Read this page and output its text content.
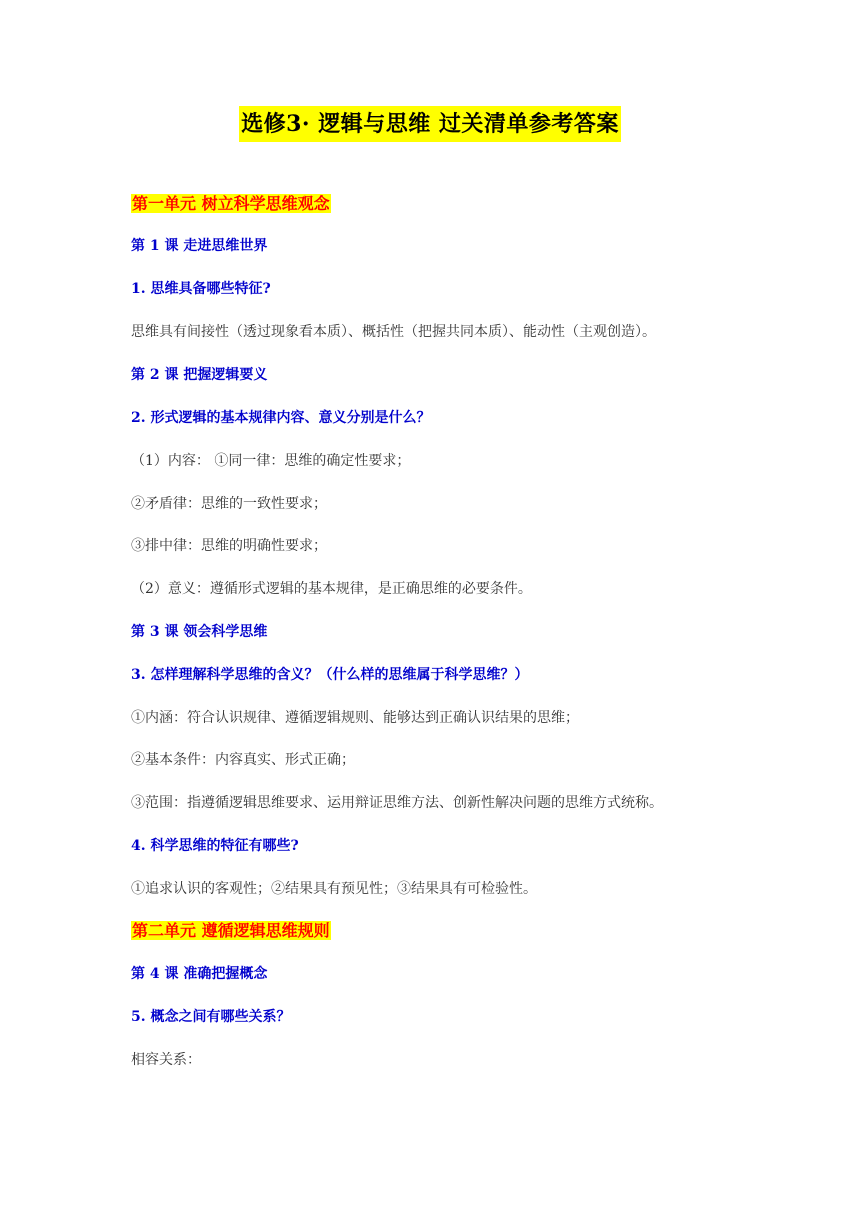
选修3· 逻辑与思维 过关清单参考答案
第一单元 树立科学思维观念
第 1 课 走进思维世界
1. 思维具备哪些特征?
思维具有间接性（透过现象看本质）、概括性（把握共同本质）、能动性（主观创造）。
第 2 课 把握逻辑要义
2. 形式逻辑的基本规律内容、意义分别是什么？
（1）内容： ①同一律：思维的确定性要求；
②矛盾律：思维的一致性要求；
③排中律：思维的明确性要求；
（2）意义：遵循形式逻辑的基本规律，是正确思维的必要条件。
第 3 课 领会科学思维
3. 怎样理解科学思维的含义？（什么样的思维属于科学思维？）
①内涵：符合认识规律、遵循逻辑规则、能够达到正确认识结果的思维；
②基本条件：内容真实、形式正确；
③范围：指遵循逻辑思维要求、运用辩证思维方法、创新性解决问题的思维方式统称。
4. 科学思维的特征有哪些?
①追求认识的客观性；②结果具有预见性；③结果具有可检验性。
第二单元 遵循逻辑思维规则
第 4 课 准确把握概念
5. 概念之间有哪些关系？
相容关系：
